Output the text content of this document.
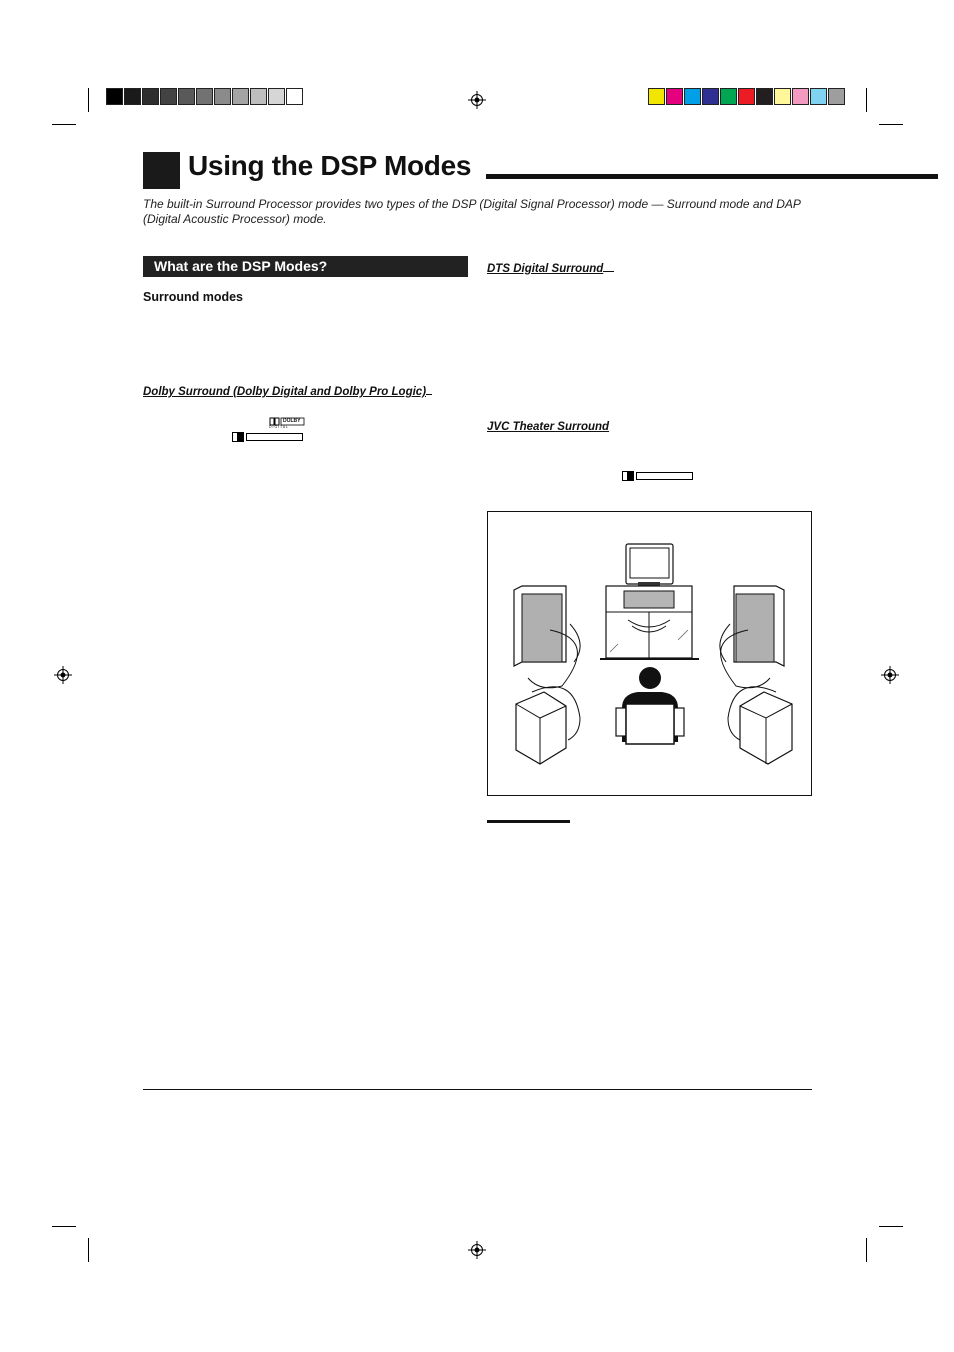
Using the DSP Modes

The built-in Surround Processor provides two types of the DSP (Digital Signal Processor) mode — Surround mode and DAP (Digital Acoustic Processor) mode.

What are the DSP Modes?

Surround modes

Dolby Surround (Dolby Digital and Dolby Pro Logic)

DOLBY
D I G I T A L

DTS Digital Surround

JVC Theater Surround
